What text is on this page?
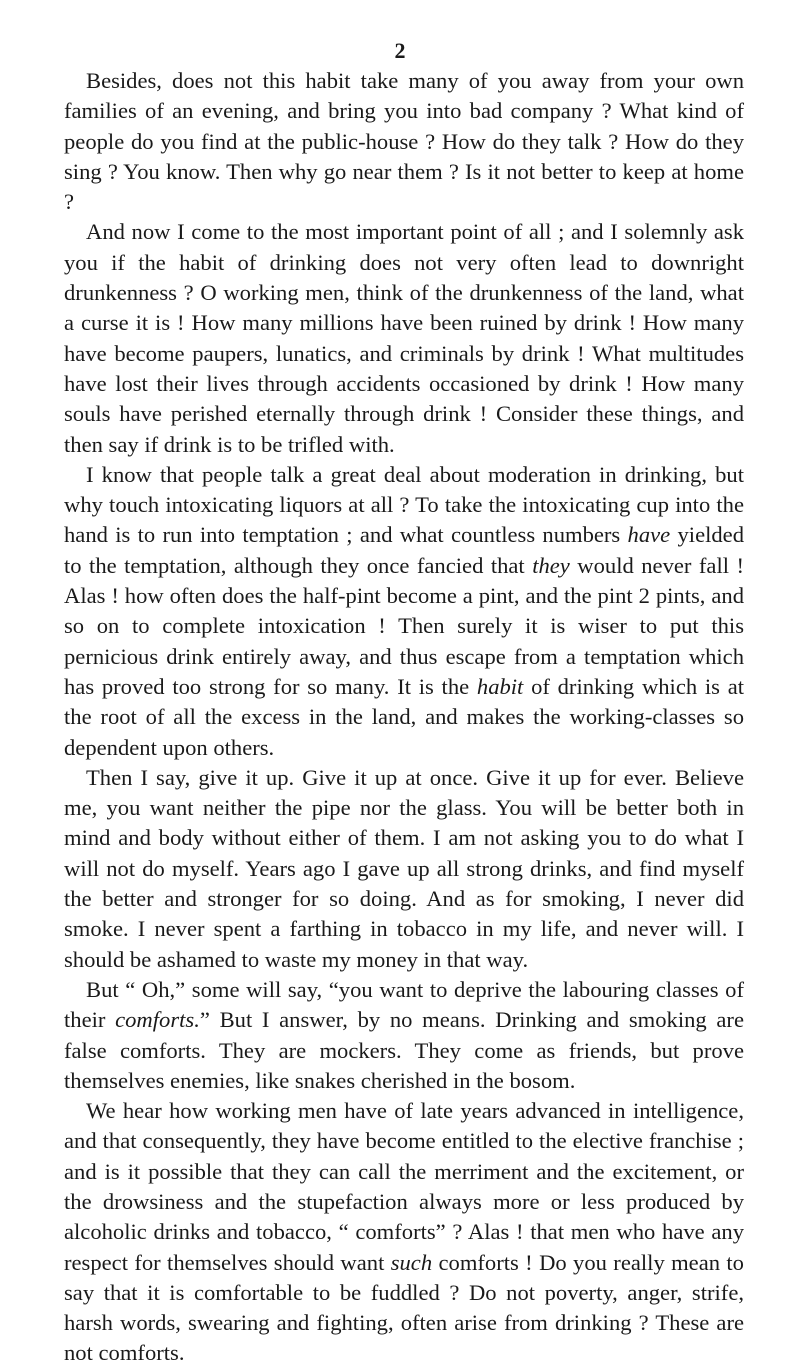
2

Besides, does not this habit take many of you away from your own families of an evening, and bring you into bad company ? What kind of people do you find at the public-house ? How do they talk ? How do they sing ? You know. Then why go near them ? Is it not better to keep at home ?

And now I come to the most important point of all ; and I solemnly ask you if the habit of drinking does not very often lead to downright drunkenness ? O working men, think of the drunkenness of the land, what a curse it is ! How many millions have been ruined by drink ! How many have become paupers, lunatics, and criminals by drink ! What multitudes have lost their lives through accidents occasioned by drink ! How many souls have perished eternally through drink ! Consider these things, and then say if drink is to be trifled with.

I know that people talk a great deal about moderation in drinking, but why touch intoxicating liquors at all ? To take the intoxicating cup into the hand is to run into temptation ; and what countless numbers have yielded to the temptation, although they once fancied that they would never fall ! Alas ! how often does the half-pint become a pint, and the pint 2 pints, and so on to complete intoxication ! Then surely it is wiser to put this pernicious drink entirely away, and thus escape from a temptation which has proved too strong for so many. It is the habit of drinking which is at the root of all the excess in the land, and makes the working-classes so dependent upon others.

Then I say, give it up. Give it up at once. Give it up for ever. Believe me, you want neither the pipe nor the glass. You will be better both in mind and body without either of them. I am not asking you to do what I will not do myself. Years ago I gave up all strong drinks, and find myself the better and stronger for so doing. And as for smoking, I never did smoke. I never spent a farthing in tobacco in my life, and never will. I should be ashamed to waste my money in that way.

But “ Oh,” some will say, “you want to deprive the labouring classes of their comforts.” But I answer, by no means. Drinking and smoking are false comforts. They are mockers. They come as friends, but prove themselves enemies, like snakes cherished in the bosom.

We hear how working men have of late years advanced in intelligence, and that consequently, they have become entitled to the elective franchise ; and is it possible that they can call the merriment and the excitement, or the drowsiness and the stupefaction always more or less produced by alcoholic drinks and tobacco, “ comforts” ? Alas ! that men who have any respect for themselves should want such comforts ! Do you really mean to say that it is comfortable to be fuddled ? Do not poverty, anger, strife, harsh words, swearing and fighting, often arise from drinking ? These are not comforts.
